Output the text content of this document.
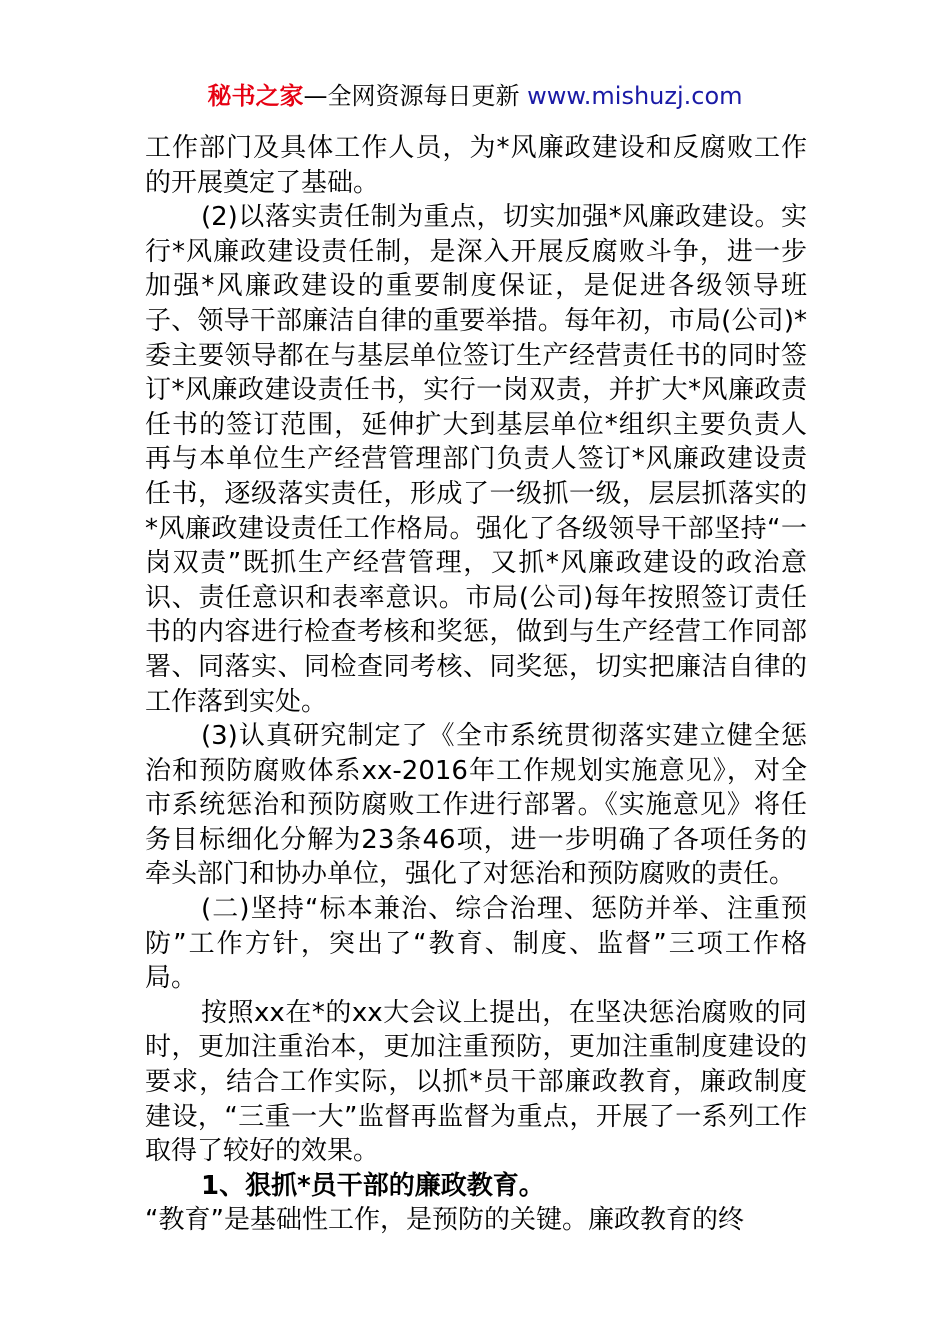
秘书之家—全网资源每日更新 www.mishuzj.com

工作部门及具体工作人员，为*风廉政建设和反腐败工作的开展奠定了基础。

(2)以落实责任制为重点，切实加强*风廉政建设。实行*风廉政建设责任制，是深入开展反腐败斗争，进一步加强*风廉政建设的重要制度保证，是促进各级领导班子、领导干部廉洁自律的重要举措。每年初，市局(公司)*委主要领导都在与基层单位签订生产经营责任书的同时签订*风廉政建设责任书，实行一岗双责，并扩大*风廉政责任书的签订范围，延伸扩大到基层单位*组织主要负责人再与本单位生产经营管理部门负责人签订*风廉政建设责任书，逐级落实责任，形成了一级抓一级，层层抓落实的*风廉政建设责任工作格局。强化了各级领导干部坚持“一岗双责”既抓生产经营管理，又抓*风廉政建设的政治意识、责任意识和表率意识。市局(公司)每年按照签订责任书的内容进行检查考核和奖惩，做到与生产经营工作同部署、同落实、同检查同考核、同奖惩，切实把廉洁自律的工作落到实处。

(3)认真研究制定了《全市系统贯彻落实建立健全惩治和预防腐败体系xx-2016年工作规划实施意见》，对全市系统惩治和预防腐败工作进行部署。《实施意见》将任务目标细化分解为23条46项，进一步明确了各项任务的牵头部门和协办单位，强化了对惩治和预防腐败的责任。

(二)坚持“标本兼治、综合治理、惩防并举、注重预防”工作方针，突出了“教育、制度、监督”三项工作格局。

按照xx在*的xx大会议上提出，在坚决惩治腐败的同时，更加注重治本，更加注重预防，更加注重制度建设的要求，结合工作实际，以抓*员干部廉政教育，廉政制度建设，“三重一大”监督再监督为重点，开展了一系列工作取得了较好的效果。

1、狠抓*员干部的廉政教育。

“教育”是基础性工作，是预防的关键。廉政教育的终
